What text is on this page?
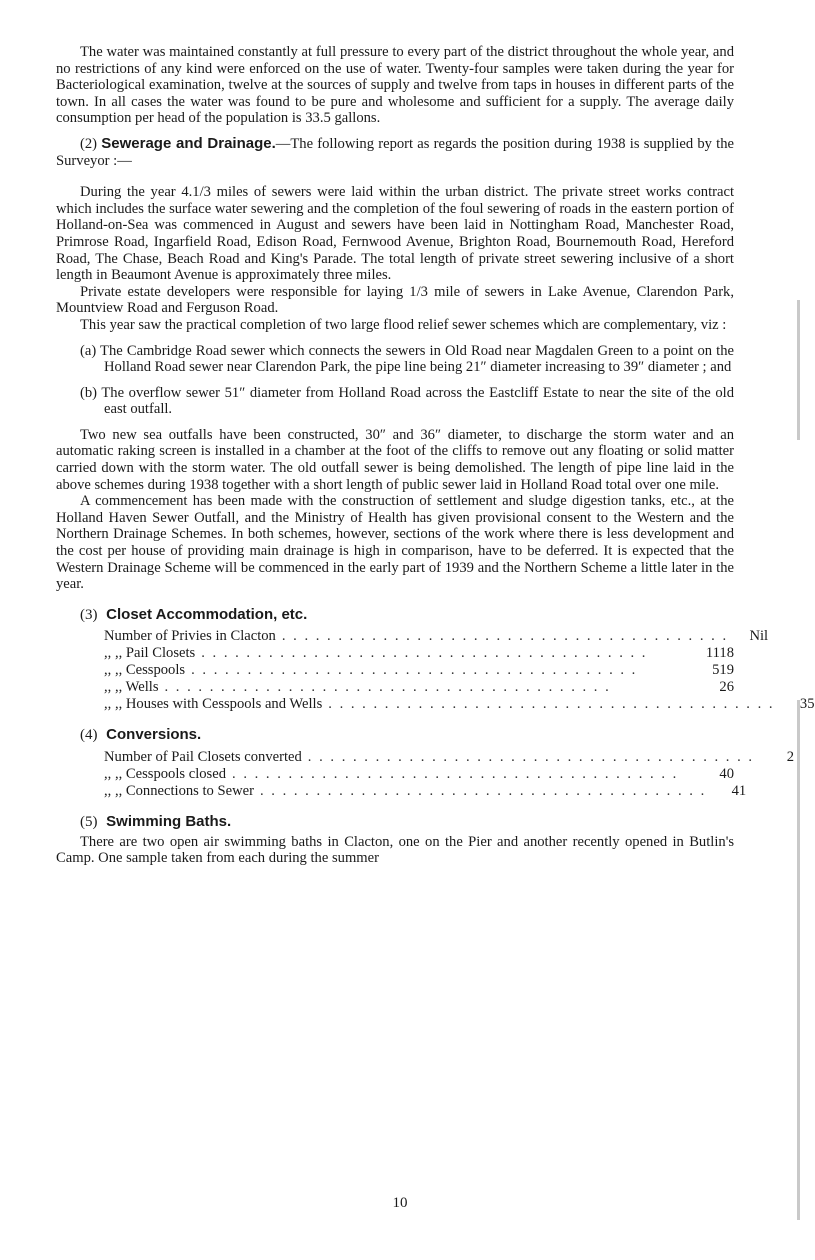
The water was maintained constantly at full pressure to every part of the district throughout the whole year, and no restrictions of any kind were enforced on the use of water. Twenty-four samples were taken during the year for Bacteriological examination, twelve at the sources of supply and twelve from taps in houses in different parts of the town. In all cases the water was found to be pure and wholesome and sufficient for a supply. The average daily consumption per head of the population is 33.5 gallons.

(2) Sewerage and Drainage.—The following report as regards the position during 1938 is supplied by the Surveyor :—

During the year 4.1/3 miles of sewers were laid within the urban district. The private street works contract which includes the surface water sewering and the completion of the foul sewering of roads in the eastern portion of Holland-on-Sea was commenced in August and sewers have been laid in Nottingham Road, Manchester Road, Primrose Road, Ingarfield Road, Edison Road, Fernwood Avenue, Brighton Road, Bournemouth Road, Hereford Road, The Chase, Beach Road and King's Parade. The total length of private street sewering inclusive of a short length in Beaumont Avenue is approximately three miles.

Private estate developers were responsible for laying 1/3 mile of sewers in Lake Avenue, Clarendon Park, Mountview Road and Ferguson Road.

This year saw the practical completion of two large flood relief sewer schemes which are complementary, viz :

(a) The Cambridge Road sewer which connects the sewers in Old Road near Magdalen Green to a point on the Holland Road sewer near Clarendon Park, the pipe line being 21″ diameter increasing to 39″ diameter ; and

(b) The overflow sewer 51″ diameter from Holland Road across the Eastcliff Estate to near the site of the old east outfall.

Two new sea outfalls have been constructed, 30″ and 36″ diameter, to discharge the storm water and an automatic raking screen is installed in a chamber at the foot of the cliffs to remove out any floating or solid matter carried down with the storm water. The old outfall sewer is being demolished. The length of pipe line laid in the above schemes during 1938 together with a short length of public sewer laid in Holland Road total over one mile.

A commencement has been made with the construction of settlement and sludge digestion tanks, etc., at the Holland Haven Sewer Outfall, and the Ministry of Health has given provisional consent to the Western and the Northern Drainage Schemes. In both schemes, however, sections of the work where there is less development and the cost per house of providing main drainage is high in comparison, have to be deferred. It is expected that the Western Drainage Scheme will be commenced in the early part of 1939 and the Northern Scheme a little later in the year.

(3) Closet Accommodation, etc.
Number of Privies in Clacton . . . . . . . . . . . . . . . . . . . . . . . . . . . . . . . . . . . . . . . .	Nil
,, ,, Pail Closets . . . . . . . . . . . . . . . . . . . . . . . . . . . . . . . . . . . . . . . .	1118
,, ,, Cesspools . . . . . . . . . . . . . . . . . . . . . . . . . . . . . . . . . . . . . . . .	519
,, ,, Wells . . . . . . . . . . . . . . . . . . . . . . . . . . . . . . . . . . . . . . . .	26
,, ,, Houses with Cesspools and Wells . . . . . . . . . . . . . . . . . . . . . . . . . . . . . . . . . . . . . . . .	35
(4) Conversions.
Number of Pail Closets converted . . . . . . . . . . . . . . . . . . . . . . . . . . . . . . . . . . . . . . . .	2
,, ,, Cesspools closed . . . . . . . . . . . . . . . . . . . . . . . . . . . . . . . . . . . . . . . .	40
,, ,, Connections to Sewer . . . . . . . . . . . . . . . . . . . . . . . . . . . . . . . . . . . . . . . .	41
(5) Swimming Baths.

There are two open air swimming baths in Clacton, one on the Pier and another recently opened in Butlin's Camp. One sample taken from each during the summer

10
